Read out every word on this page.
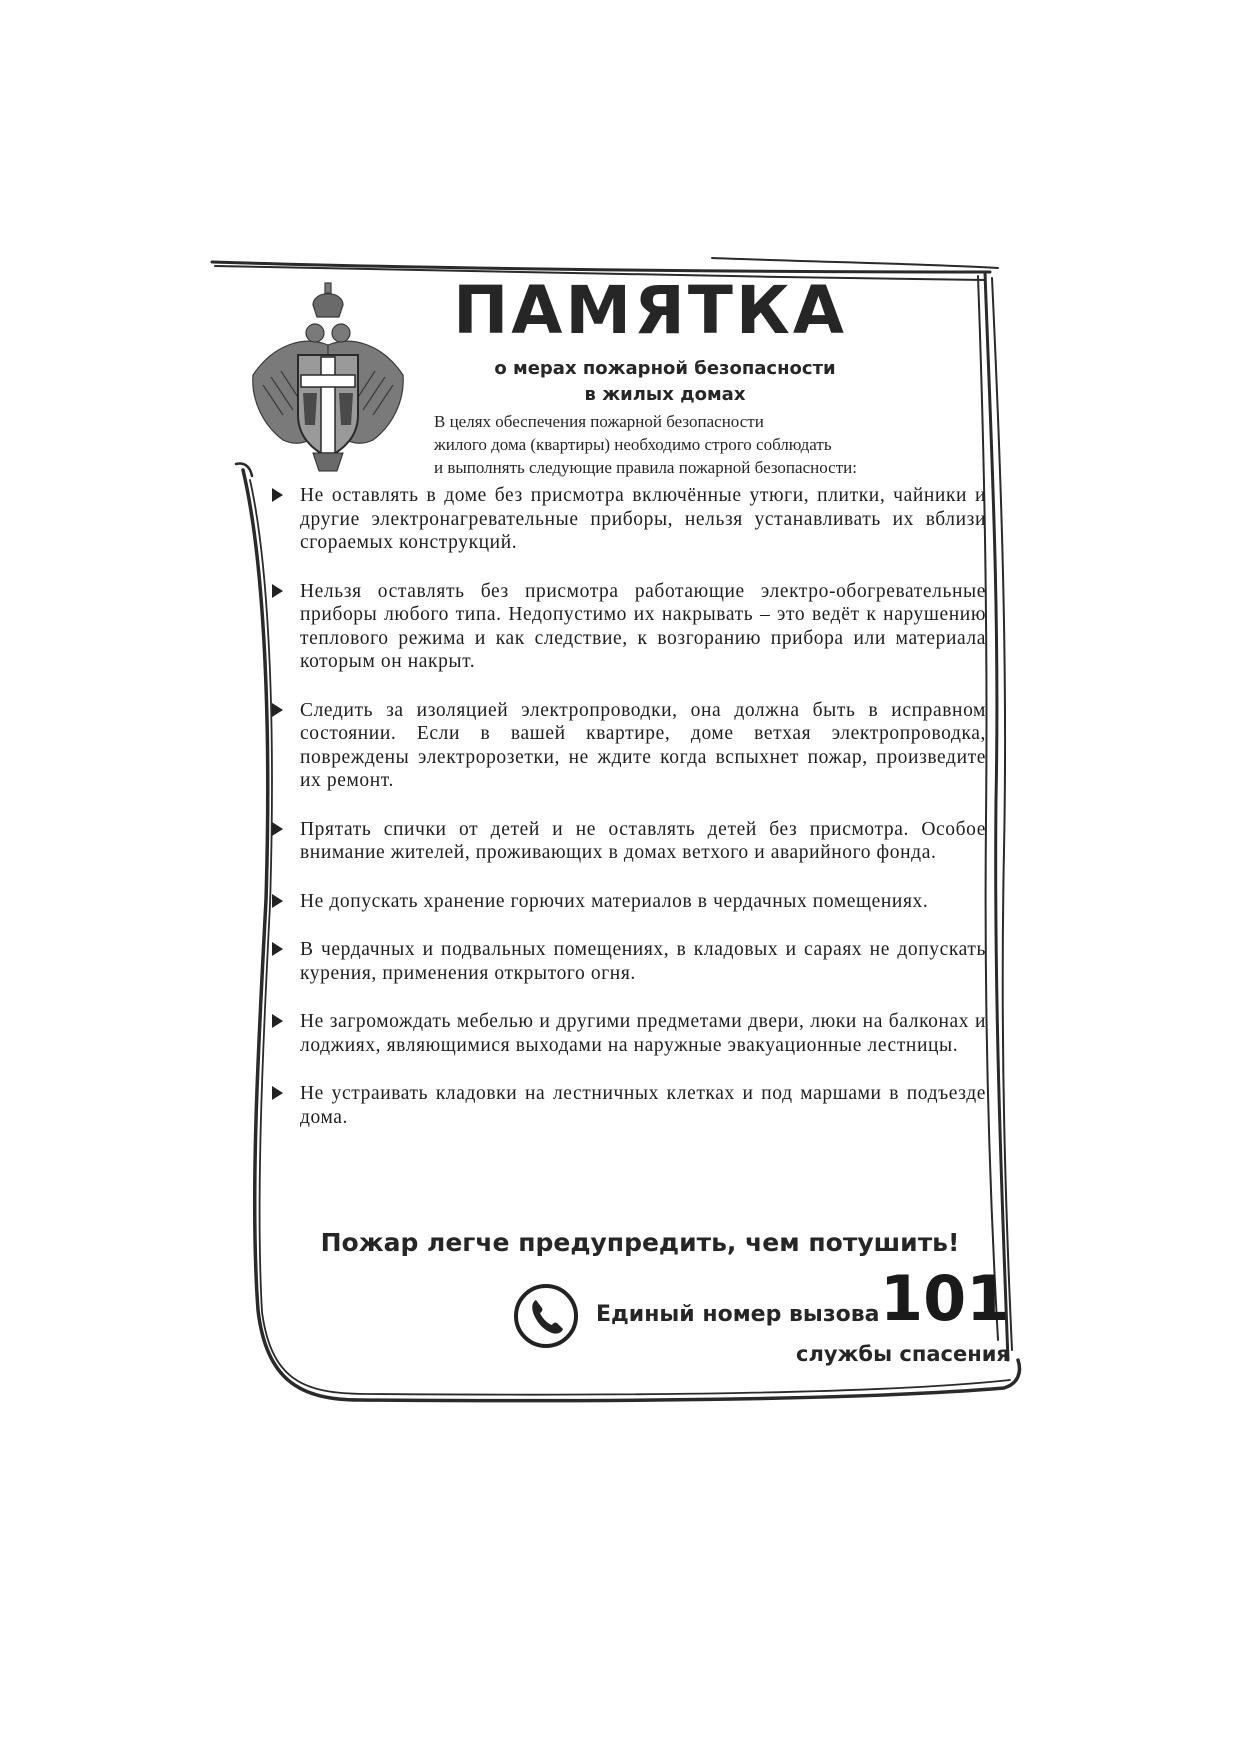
ПАМЯТКА
о мерах пожарной безопасности
в жилых домах
В целях обеспечения пожарной безопасности
жилого дома (квартиры) необходимо строго соблюдать
и выполнять следующие правила пожарной безопасности:
Не оставлять в доме без присмотра включённые утюги, плитки, чайники и другие электронагревательные приборы, нельзя устанавливать их вблизи сгораемых конструкций.
Нельзя оставлять без присмотра работающие электро-обогревательные приборы любого типа. Недопустимо их накрывать – это ведёт к нарушению теплового режима и как следствие, к возгоранию прибора или материала которым он накрыт.
Следить за изоляцией электропроводки, она должна быть в исправном состоянии. Если в вашей квартире, доме ветхая электропроводка, повреждены электророзетки, не ждите когда вспыхнет пожар, произведите их ремонт.
Прятать спички от детей и не оставлять детей без присмотра. Особое внимание жителей, проживающих в домах ветхого и аварийного фонда.
Не допускать хранение горючих материалов в чердачных помещениях.
В чердачных и подвальных помещениях, в кладовых и сараях не допускать курения, применения открытого огня.
Не загромождать мебелью и другими предметами двери, люки на балконах и лоджиях, являющимися выходами на наружные эвакуационные лестницы.
Не устраивать кладовки на лестничных клетках и под маршами в подъезде дома.
Пожар легче предупредить, чем потушить!
Единый номер вызова 101
службы спасения
